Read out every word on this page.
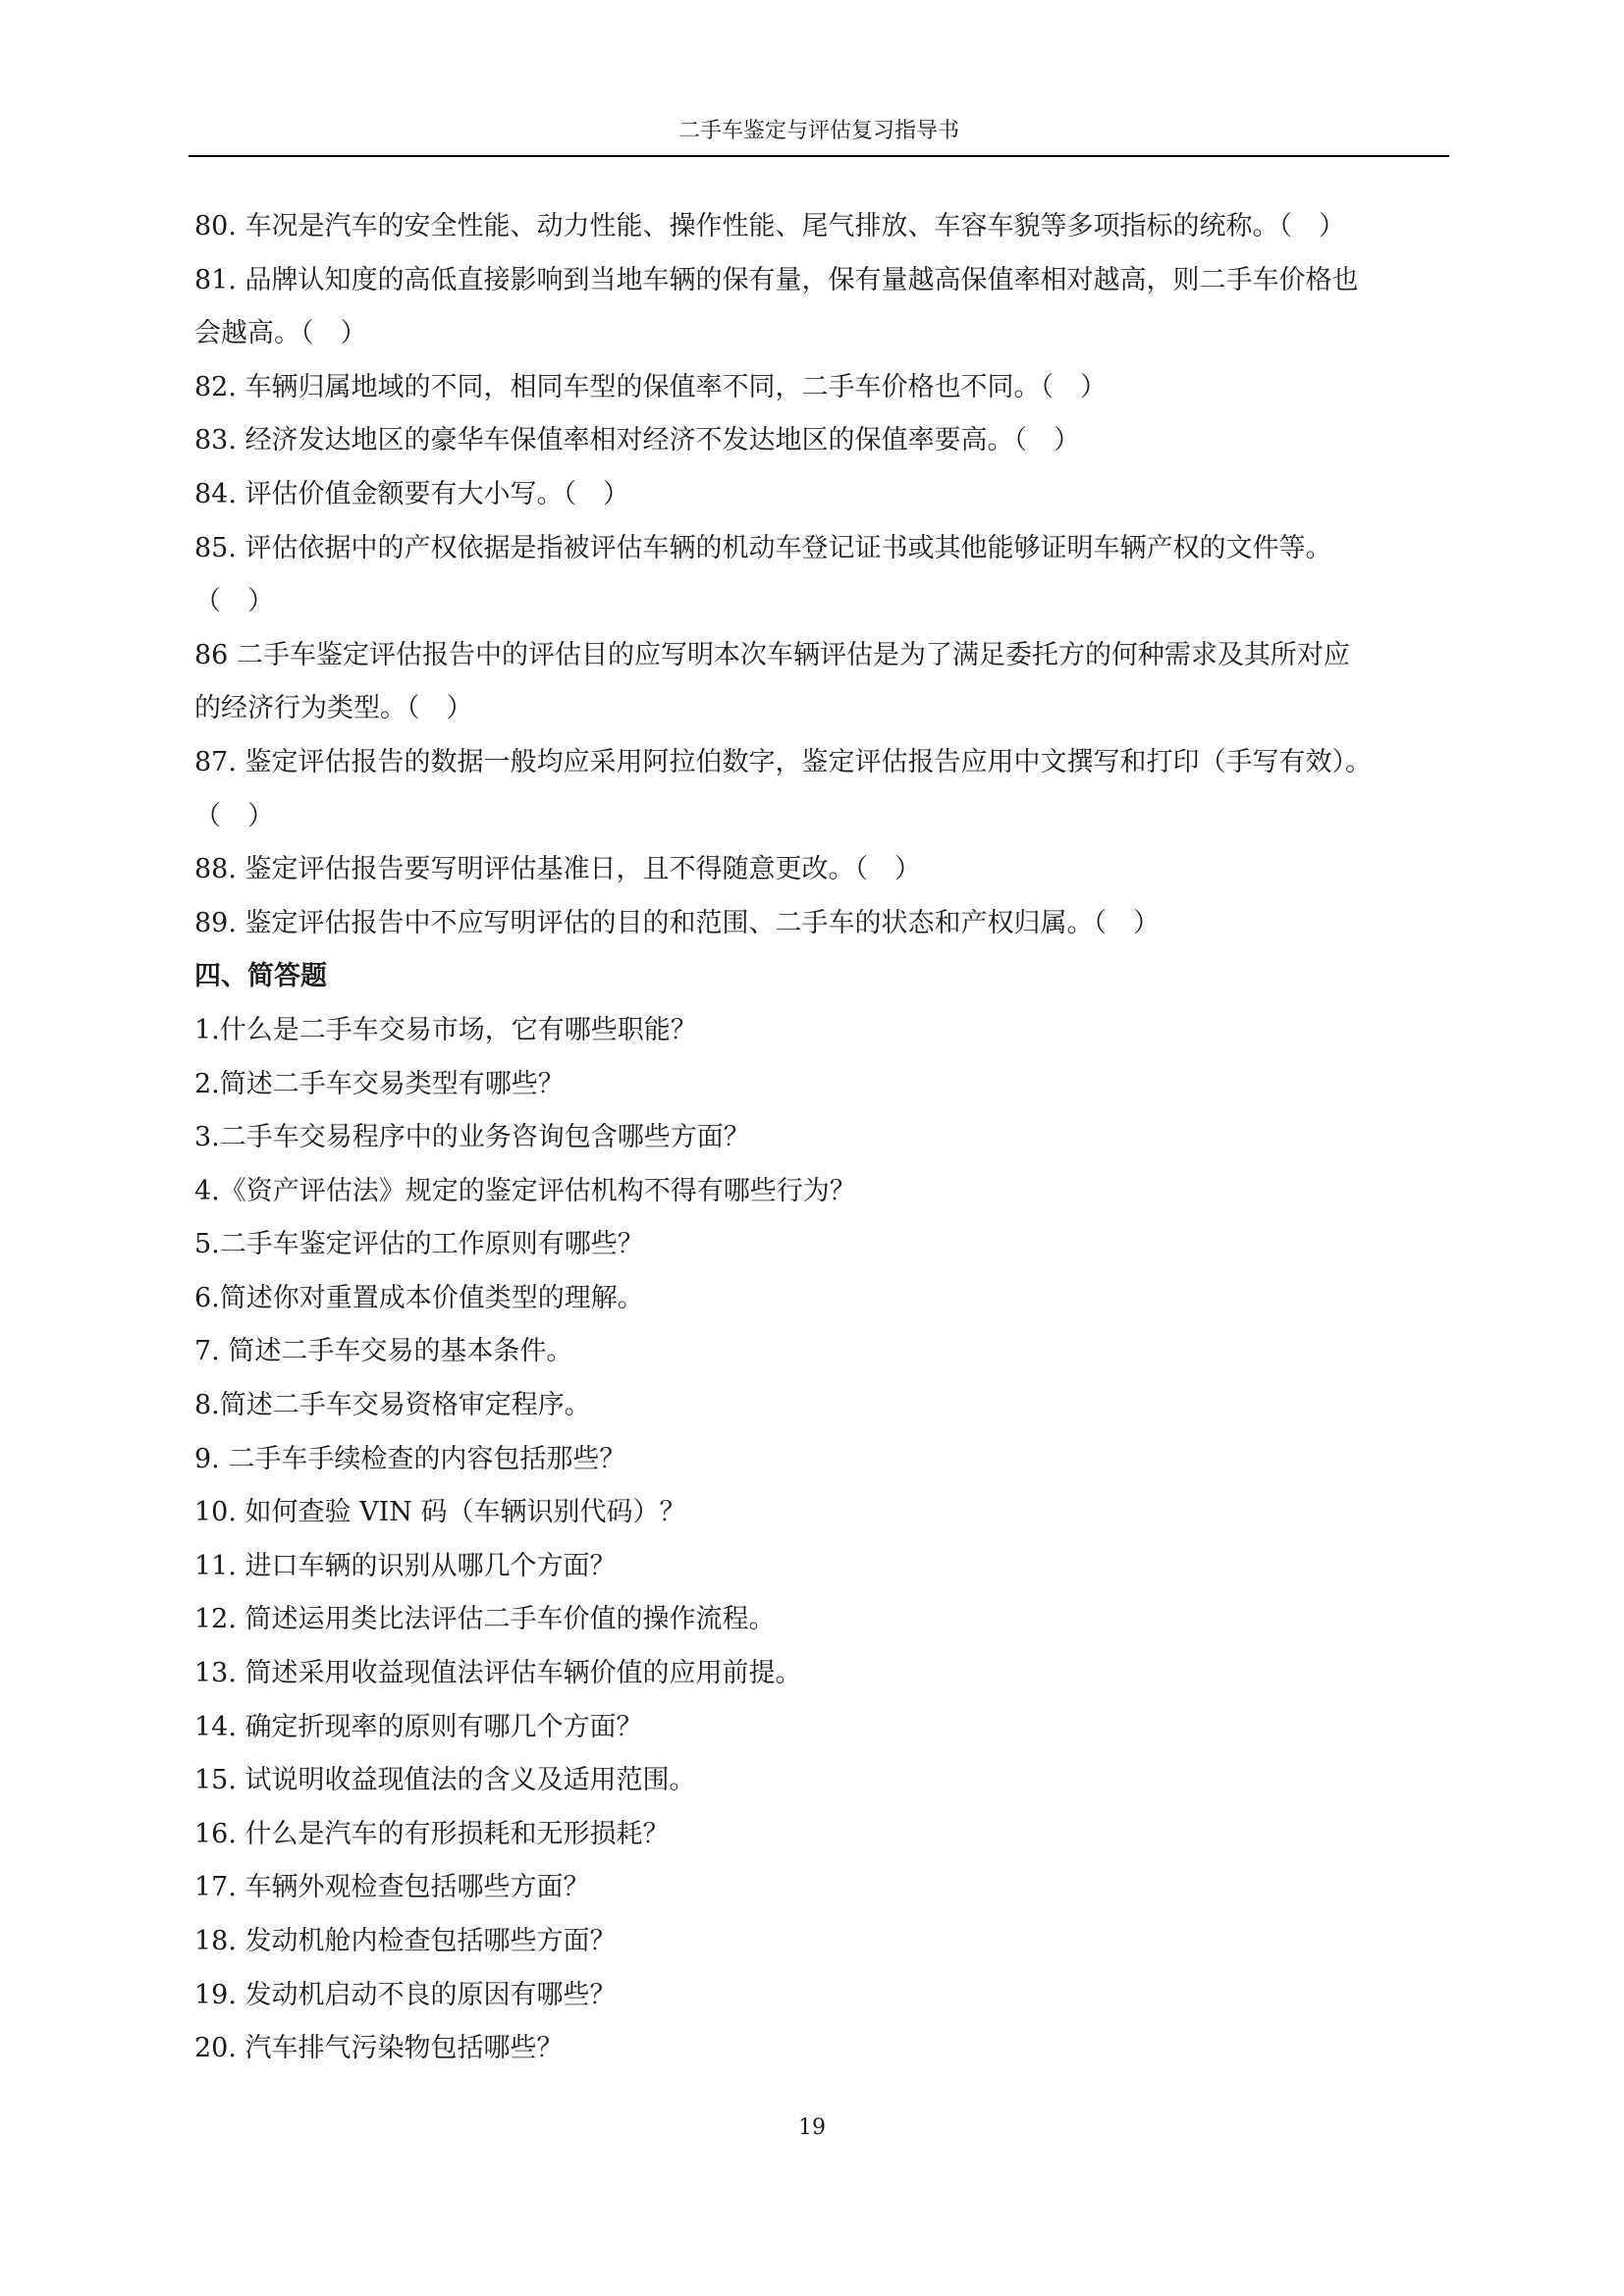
二手车鉴定与评估复习指导书
80. 车况是汽车的安全性能、动力性能、操作性能、尾气排放、车容车貌等多项指标的统称。（　）
81. 品牌认知度的高低直接影响到当地车辆的保有量，保有量越高保值率相对越高，则二手车价格也
会越高。（　）
82. 车辆归属地域的不同，相同车型的保值率不同，二手车价格也不同。（　）
83. 经济发达地区的豪华车保值率相对经济不发达地区的保值率要高。（　）
84. 评估价值金额要有大小写。（　）
85. 评估依据中的产权依据是指被评估车辆的机动车登记证书或其他能够证明车辆产权的文件等。
（　）
86 二手车鉴定评估报告中的评估目的应写明本次车辆评估是为了满足委托方的何种需求及其所对应
的经济行为类型。（　）
87. 鉴定评估报告的数据一般均应采用阿拉伯数字，鉴定评估报告应用中文撰写和打印（手写有效）。
（　）
88. 鉴定评估报告要写明评估基准日，且不得随意更改。（　）
89. 鉴定评估报告中不应写明评估的目的和范围、二手车的状态和产权归属。（　）
四、简答题
1.什么是二手车交易市场，它有哪些职能？
2.简述二手车交易类型有哪些？
3.二手车交易程序中的业务咨询包含哪些方面？
4.《资产评估法》规定的鉴定评估机构不得有哪些行为？
5.二手车鉴定评估的工作原则有哪些？
6.简述你对重置成本价值类型的理解。
7. 简述二手车交易的基本条件。
8.简述二手车交易资格审定程序。
9. 二手车手续检查的内容包括那些？
10. 如何查验 VIN 码（车辆识别代码）？
11. 进口车辆的识别从哪几个方面？
12. 简述运用类比法评估二手车价值的操作流程。
13. 简述采用收益现值法评估车辆价值的应用前提。
14. 确定折现率的原则有哪几个方面？
15. 试说明收益现值法的含义及适用范围。
16. 什么是汽车的有形损耗和无形损耗？
17. 车辆外观检查包括哪些方面？
18. 发动机舱内检查包括哪些方面？
19. 发动机启动不良的原因有哪些？
20. 汽车排气污染物包括哪些？
19
